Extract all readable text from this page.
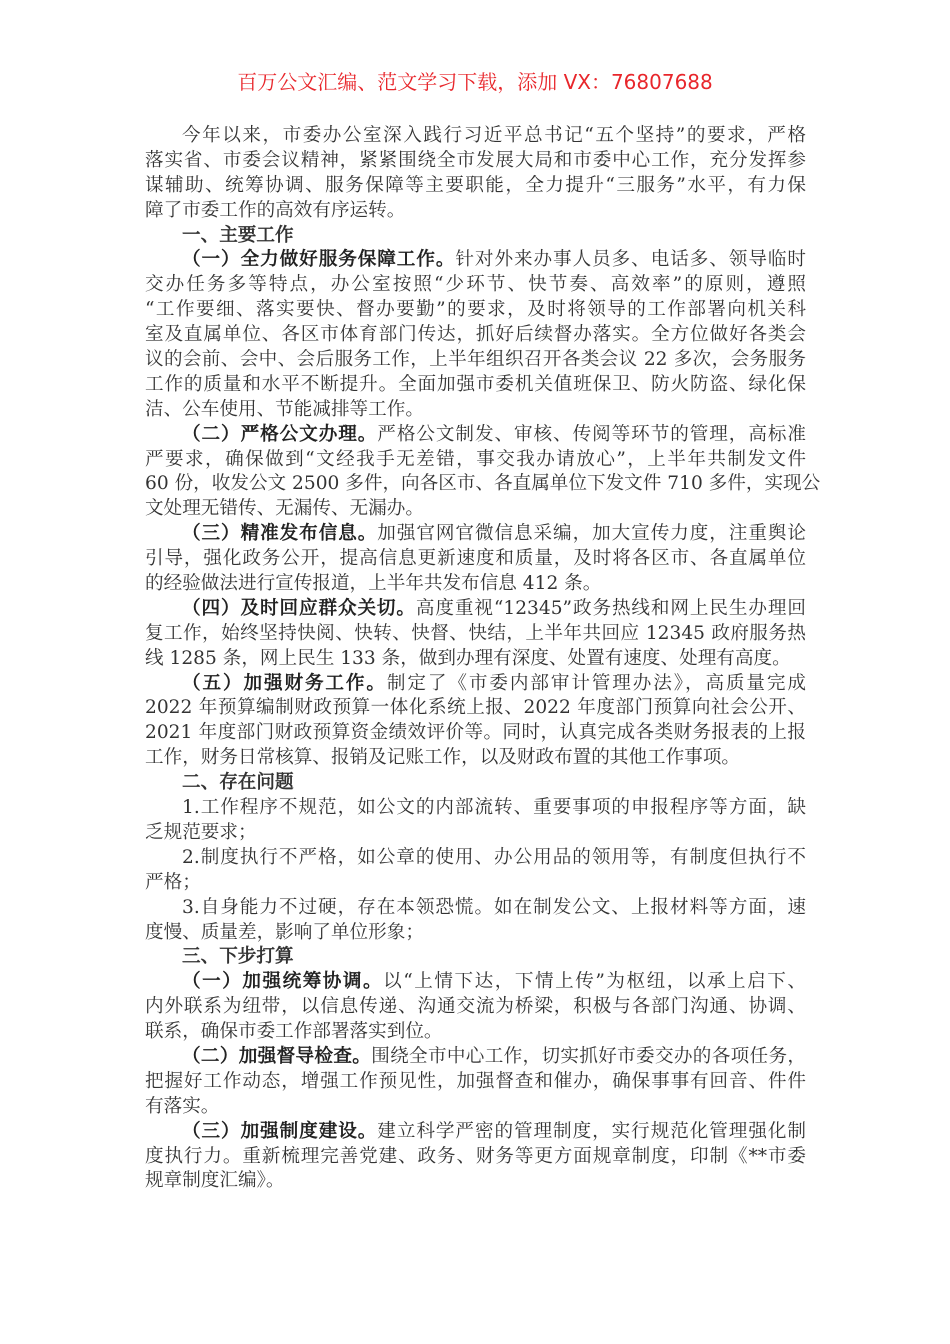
百万公文汇编、范文学习下载，添加 VX：76807688
今年以来，市委办公室深入践行习近平总书记“五个坚持”的要求，严格
落实省、市委会议精神，紧紧围绕全市发展大局和市委中心工作，充分发挥参
谋辅助、统筹协调、服务保障等主要职能，全力提升“三服务”水平，有力保
障了市委工作的高效有序运转。
一、主要工作
（一）全力做好服务保障工作。针对外来办事人员多、电话多、领导临时
交办任务多等特点，办公室按照“少环节、快节奏、高效率”的原则，遵照
“工作要细、落实要快、督办要勤”的要求，及时将领导的工作部署向机关科
室及直属单位、各区市体育部门传达，抓好后续督办落实。全方位做好各类会
议的会前、会中、会后服务工作，上半年组织召开各类会议 22 多次，会务服务
工作的质量和水平不断提升。全面加强市委机关值班保卫、防火防盗、绿化保
洁、公车使用、节能减排等工作。
（二）严格公文办理。严格公文制发、审核、传阅等环节的管理，高标准
严要求，确保做到“文经我手无差错，事交我办请放心”，上半年共制发文件
60 份，收发公文 2500 多件，向各区市、各直属单位下发文件 710 多件，实现公
文处理无错传、无漏传、无漏办。
（三）精准发布信息。加强官网官微信息采编，加大宣传力度，注重舆论
引导，强化政务公开，提高信息更新速度和质量，及时将各区市、各直属单位
的经验做法进行宣传报道，上半年共发布信息 412 条。
（四）及时回应群众关切。高度重视“12345”政务热线和网上民生办理回
复工作，始终坚持快阅、快转、快督、快结，上半年共回应 12345 政府服务热
线 1285 条，网上民生 133 条，做到办理有深度、处置有速度、处理有高度。
（五）加强财务工作。制定了《市委内部审计管理办法》，高质量完成
2022 年预算编制财政预算一体化系统上报、2022 年度部门预算向社会公开、
2021 年度部门财政预算资金绩效评价等。同时，认真完成各类财务报表的上报
工作，财务日常核算、报销及记账工作，以及财政布置的其他工作事项。
二、存在问题
1.工作程序不规范，如公文的内部流转、重要事项的申报程序等方面，缺
乏规范要求；
2.制度执行不严格，如公章的使用、办公用品的领用等，有制度但执行不
严格；
3.自身能力不过硬，存在本领恐慌。如在制发公文、上报材料等方面，速
度慢、质量差，影响了单位形象；
三、下步打算
（一）加强统筹协调。以“上情下达，下情上传”为枢纽，以承上启下、
内外联系为纽带，以信息传递、沟通交流为桥梁，积极与各部门沟通、协调、
联系，确保市委工作部署落实到位。
（二）加强督导检查。围绕全市中心工作，切实抓好市委交办的各项任务，
把握好工作动态，增强工作预见性，加强督查和催办，确保事事有回音、件件
有落实。
（三）加强制度建设。建立科学严密的管理制度，实行规范化管理强化制
度执行力。重新梳理完善党建、政务、财务等更方面规章制度，印制《**市委
规章制度汇编》。
